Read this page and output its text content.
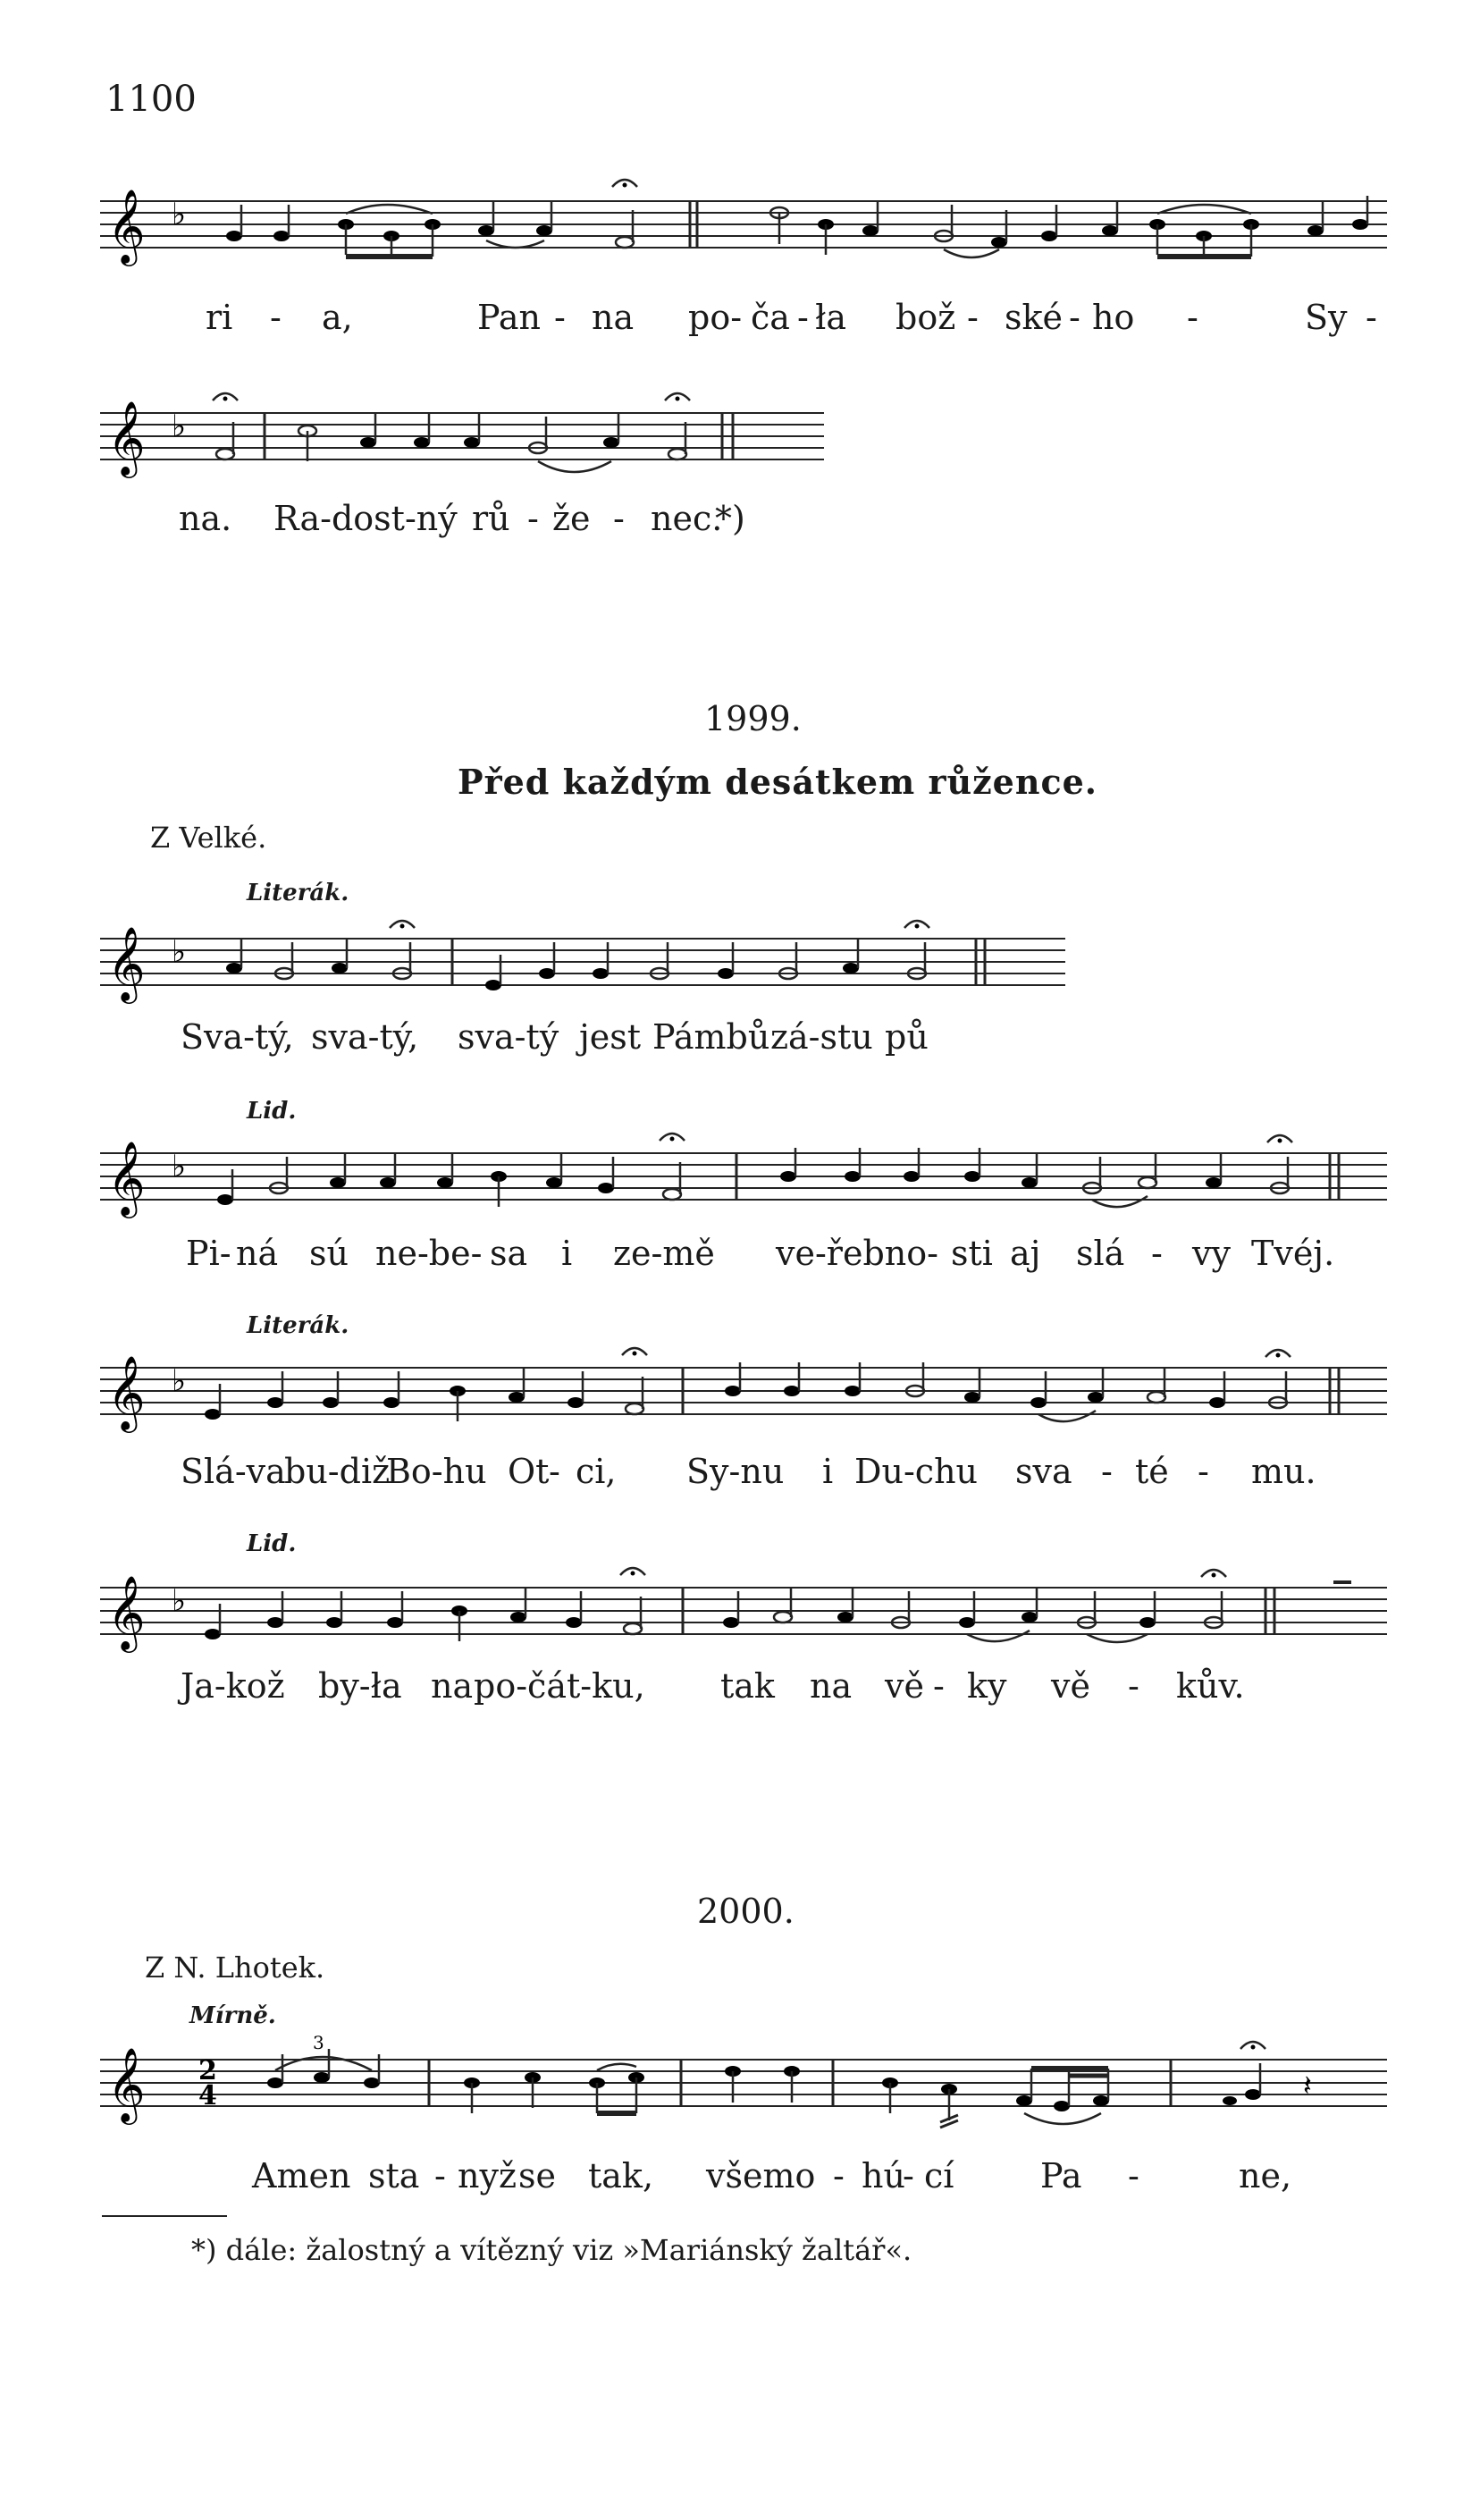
1100
𝄞 ♭
ri - a,	Pan - na po- ča - ła bož - ské - ho -	Sy -
𝄞 ♭
na. Ra-dost-ný rů - že - nec.
*)
1999.
Před každým desátkem růžence.
Z Velké.
Literák.
𝄞 ♭
Sva-tý, sva-tý, sva-tý jest Pámbů zá-stu pů
Lid.
𝄞 ♭
Pi- ná sú ne-be- sa i ze-mě ve-řebno- sti aj slá - vy Tvéj.
Literák.
𝄞 ♭
Slá-va
bu-diž
Bo-hu Ot - ci, Sy-nu i Du-chu sva - té - mu.
Lid.
𝄞 ♭
Ja-kož by-ła na po-čát-ku, tak na vě - ky vě - kův.
2000.
Z N. Lhotek.
Mírně.
𝄞 2
4
3
𝄽
Amen sta - nyž se tak, všemo - hú
- cí	Pa -	ne,
*) dále: žalostný a vítězný viz »Mariánský žaltář«.
